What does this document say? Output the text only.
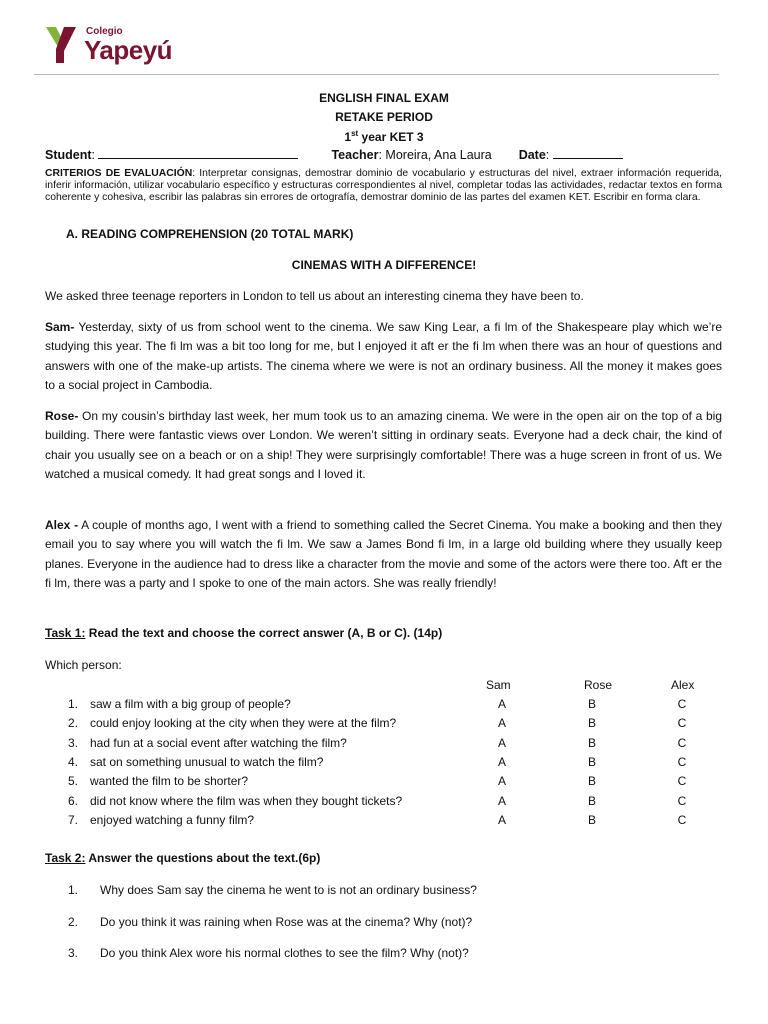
Colegio
Yapeyú
ENGLISH FINAL EXAM
RETAKE PERIOD
1st year KET 3
Student:	Teacher: Moreira, Ana Laura Date:
CRITERIOS DE EVALUACIÓN: Interpretar consignas, demostrar dominio de vocabulario y estructuras del nivel, extraer información requerida, inferir información, utilizar vocabulario específico y estructuras correspondientes al nivel, completar todas las actividades, redactar textos en forma coherente y cohesiva, escribir las palabras sin errores de ortografía, demostrar dominio de las partes del examen KET. Escribir en forma clara.
A. READING COMPREHENSION (20 TOTAL MARK)
CINEMAS WITH A DIFFERENCE!
We asked three teenage reporters in London to tell us about an interesting cinema they have been to.
Sam- Yesterday, sixty of us from school went to the cinema. We saw King Lear, a fi lm of the Shakespeare play which we’re studying this year. The fi lm was a bit too long for me, but I enjoyed it aft er the fi lm when there was an hour of questions and answers with one of the make-up artists. The cinema where we were is not an ordinary business. All the money it makes goes to a social project in Cambodia.
Rose- On my cousin’s birthday last week, her mum took us to an amazing cinema. We were in the open air on the top of a big building. There were fantastic views over London. We weren’t sitting in ordinary seats. Everyone had a deck chair, the kind of chair you usually see on a beach or on a ship! They were surprisingly comfortable! There was a huge screen in front of us. We watched a musical comedy. It had great songs and I loved it.
Alex - A couple of months ago, I went with a friend to something called the Secret Cinema. You make a booking and then they email you to say where you will watch the fi lm. We saw a James Bond fi lm, in a large old building where they usually keep planes. Everyone in the audience had to dress like a character from the movie and some of the actors were there too. Aft er the fi lm, there was a party and I spoke to one of the main actors. She was really friendly!
Task 1: Read the text and choose the correct answer (A, B or C). (14p)
Which person:
Sam	Rose	Alex
1. saw a film with a big group of people?	A	B	C
2. could enjoy looking at the city when they were at the film?	A	B	C
3. had fun at a social event after watching the film?	A	B	C
4. sat on something unusual to watch the film?	A	B	C
5. wanted the film to be shorter?	A	B	C
6. did not know where the film was when they bought tickets?	A	B	C
7. enjoyed watching a funny film?	A	B	C
Task 2: Answer the questions about the text.(6p)
1. Why does Sam say the cinema he went to is not an ordinary business?
2. Do you think it was raining when Rose was at the cinema? Why (not)?
3. Do you think Alex wore his normal clothes to see the film? Why (not)?
